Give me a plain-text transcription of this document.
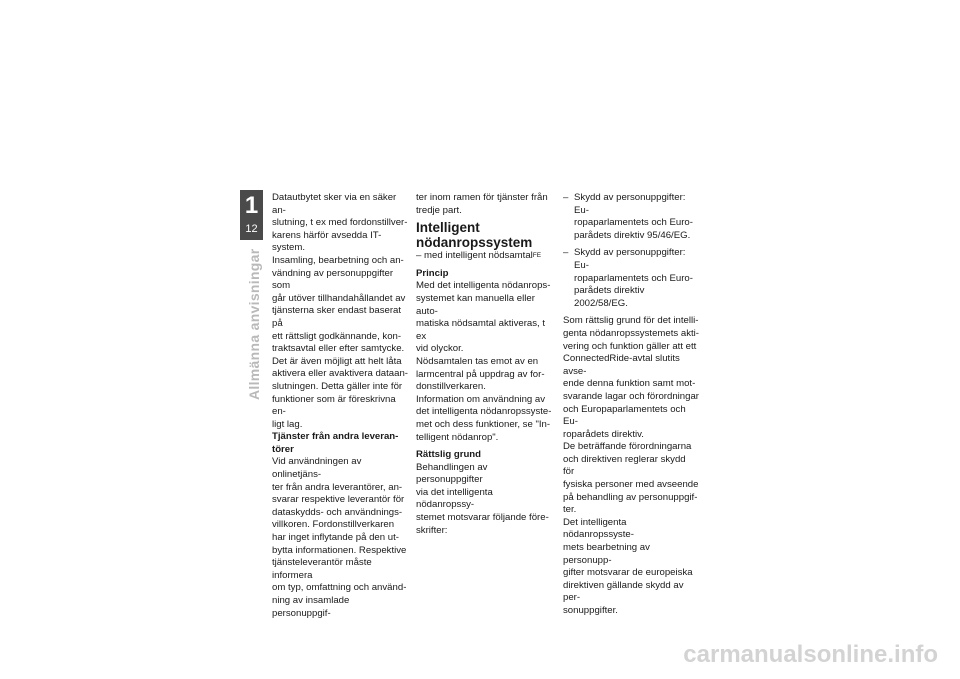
1
12
Allmänna anvisningar

Datautbytet sker via en säker an-

slutning, t ex med fordonstillver-

karens härför avsedda IT-system.

Insamling, bearbetning och an-

vändning av personuppgifter som

går utöver tillhandahållandet av

tjänsterna sker endast baserat på

ett rättsligt godkännande, kon-

traktsavtal eller efter samtycke.

Det är även möjligt att helt låta

aktivera eller avaktivera dataan-

slutningen. Detta gäller inte för

funktioner som är föreskrivna en-

ligt lag.

Tjänster från andra leveran-

törer

Vid användningen av onlinetjäns-

ter från andra leverantörer, an-

svarar respektive leverantör för

dataskydds- och användnings-

villkoren. Fordonstillverkaren

har inget inflytande på den ut-

bytta informationen. Respektive

tjänsteleverantör måste informera

om typ, omfattning och använd-

ning av insamlade personuppgif-

ter inom ramen för tjänster från

tredje part.

Intelligent

nödanropssystem

– med intelligent nödsamtal$^{FE}$

Princip

Med det intelligenta nödanrops-

systemet kan manuella eller auto-

matiska nödsamtal aktiveras, t ex

vid olyckor.

Nödsamtalen tas emot av en

larmcentral på uppdrag av for-

donstillverkaren.

Information om användning av

det intelligenta nödanropssyste-

met och dess funktioner, se "In-

telligent nödanrop".

Rättslig grund

Behandlingen av personuppgifter

via det intelligenta nödanropssy-

stemet motsvarar följande före-

skrifter:

– Skydd av personuppgifter: Eu-

ropaparlamentets och Euro-

parådets direktiv 95/46/EG.

– Skydd av personuppgifter: Eu-

ropaparlamentets och Euro-

parådets direktiv 2002/58/EG.

Som rättslig grund för det intelli-

genta nödanropssystemets akti-

vering och funktion gäller att ett

ConnectedRide-avtal slutits avse-

ende denna funktion samt mot-

svarande lagar och förordningar

och Europaparlamentets och Eu-

roparådets direktiv.

De beträffande förordningarna

och direktiven reglerar skydd för

fysiska personer med avseende

på behandling av personuppgif-

ter.

Det intelligenta nödanropssyste-

mets bearbetning av personupp-

gifter motsvarar de europeiska

direktiven gällande skydd av per-

sonuppgifter.

carmanualsonline.info
